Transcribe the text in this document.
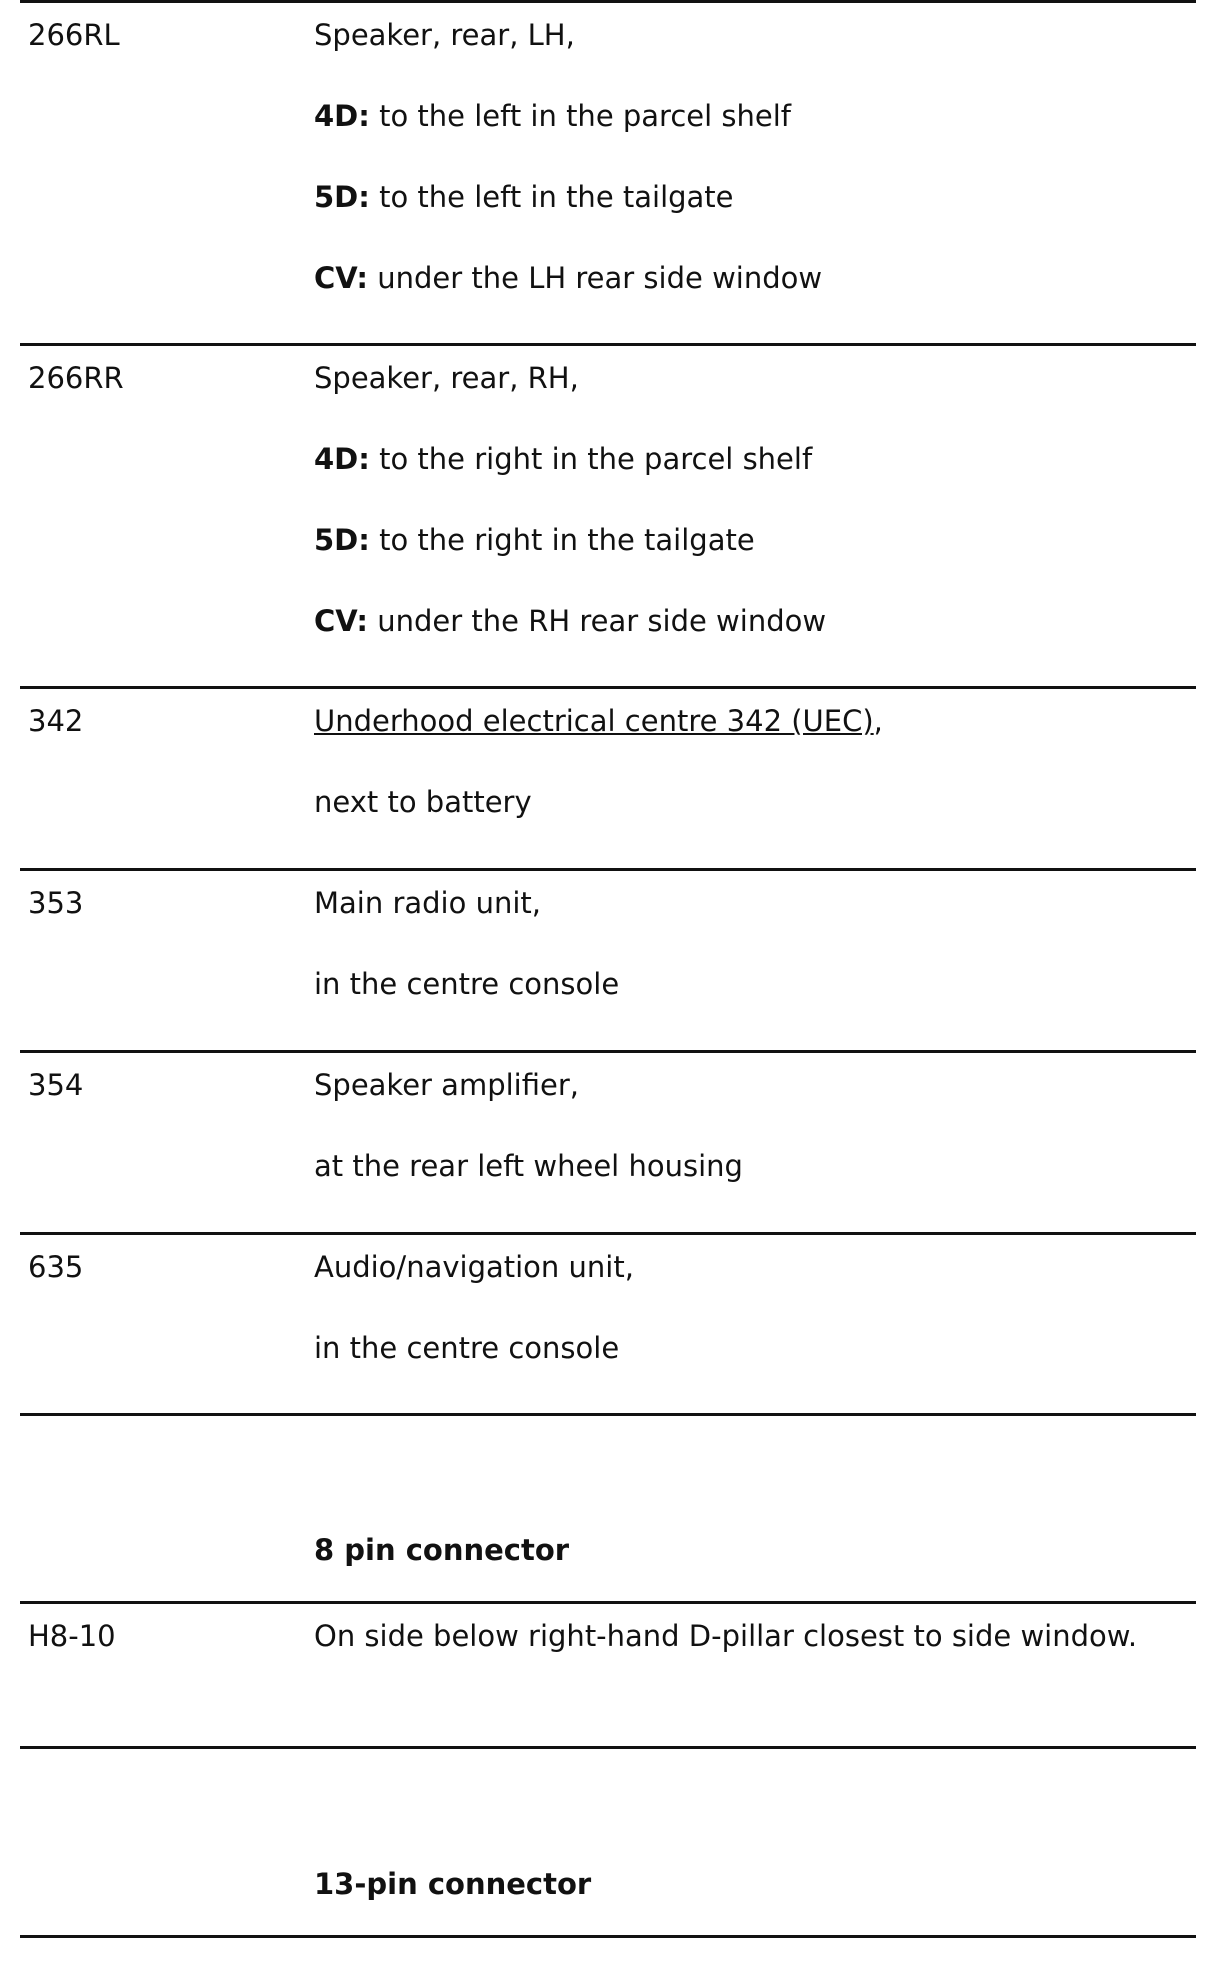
266RL	Speaker, rear, LH,
4D: to the left in the parcel shelf
5D: to the left in the tailgate
CV: under the LH rear side window
266RR	Speaker, rear, RH,
4D: to the right in the parcel shelf
5D: to the right in the tailgate
CV: under the RH rear side window
342	Underhood electrical centre 342 (UEC),
next to battery
353	Main radio unit,
in the centre console
354	Speaker amplifier,
at the rear left wheel housing
635	Audio/navigation unit,
in the centre console
8 pin connector
H8-10	On side below right-hand D-pillar closest to side window.
13-pin connector
